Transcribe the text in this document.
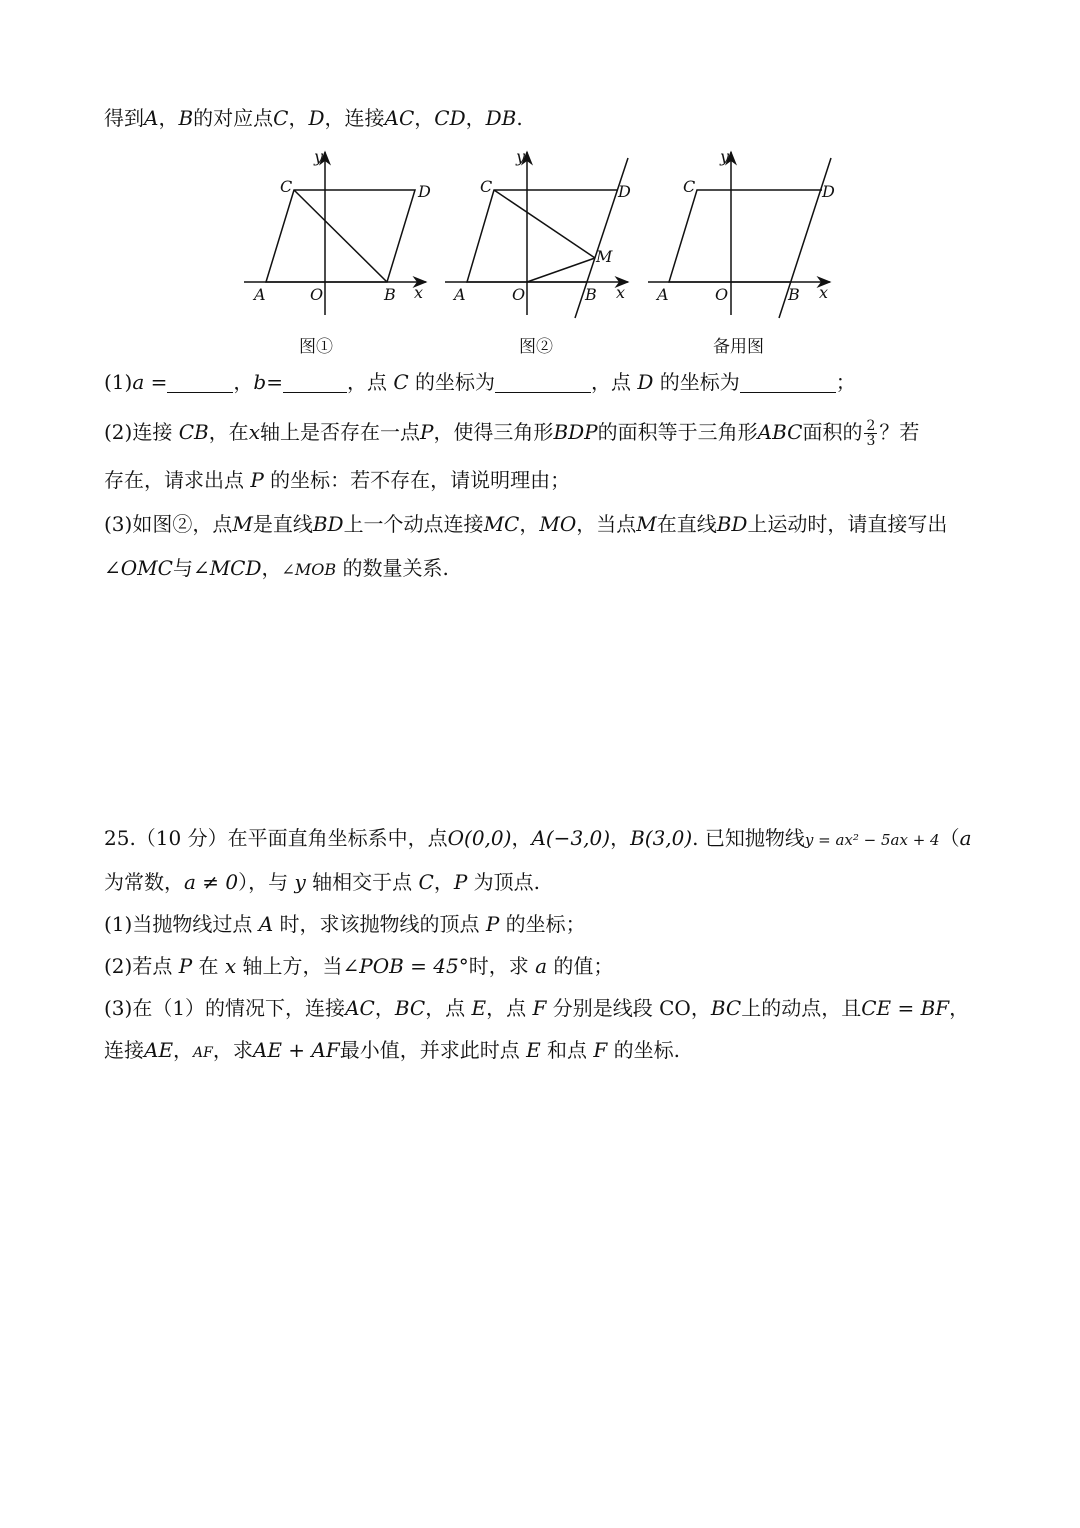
得到A，B的对应点C，D，连接AC，CD，DB.
y
C	D
A	O	B x
y
C	D
M
A	O	B x
y
C	D
A	O	B x
图①	图②	备用图
(1)a =	，b=	，点 C 的坐标为	，点 D 的坐标为	；
(2)连接 CB，在x轴上是否存在一点P，使得三角形BDP的面积等于三角形ABC面积的 $\frac{2}{3}$ ？若
存在，请求出点 P 的坐标：若不存在，请说明理由；
(3)如图②，点M是直线BD上一个动点连接MC，MO，当点M在直线BD上运动时，请直接写出
∠OMC与∠MCD，∠MOB 的数量关系.
25.（10 分）在平面直角坐标系中，点O(0,0)，A(−3,0)，B(3,0). 已知抛物线y = ax² − 5ax + 4（a
为常数，a ≠ 0），与 y 轴相交于点 C，P 为顶点.
(1)当抛物线过点 A 时，求该抛物线的顶点 P 的坐标；
(2)若点 P 在 x 轴上方，当∠POB = 45°时，求 a 的值；
(3)在（1）的情况下，连接AC，BC，点 E，点 F 分别是线段 CO，BC上的动点，且CE = BF，
连接AE，AF，求AE + AF最小值，并求此时点 E 和点 F 的坐标.
